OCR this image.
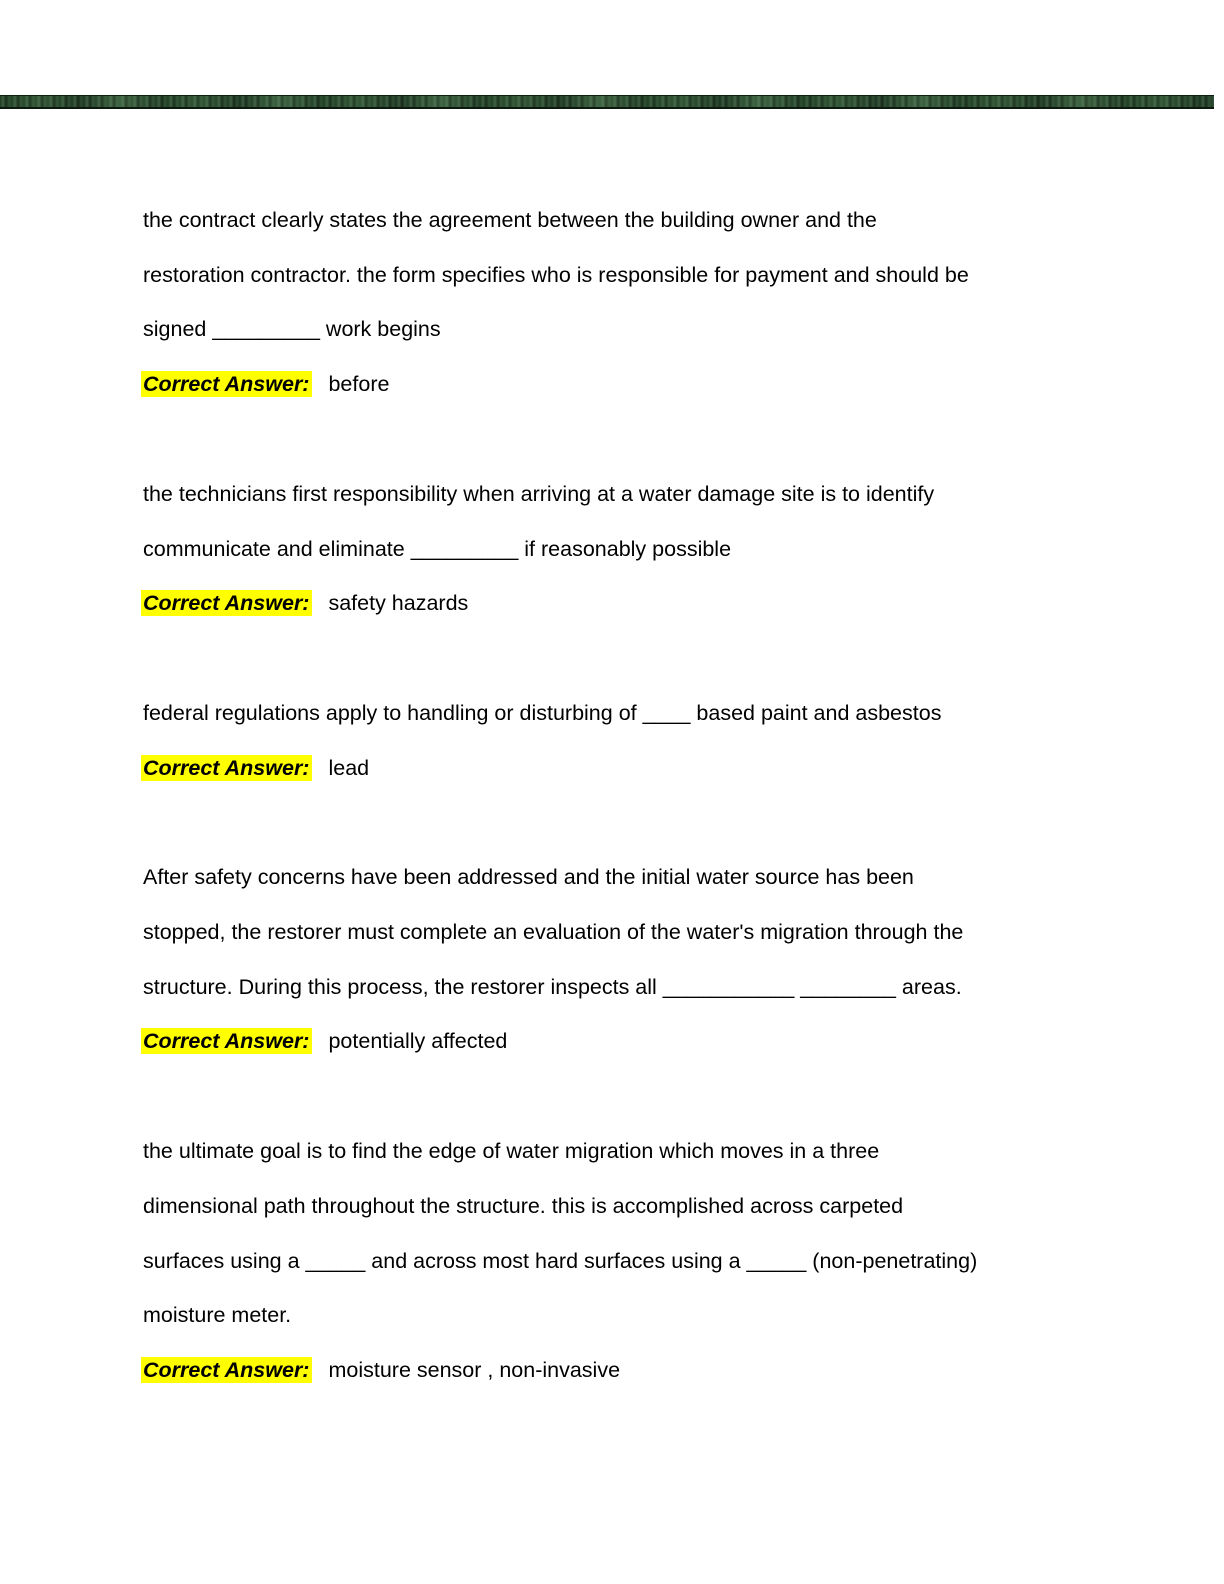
the contract clearly states the agreement between the building owner and the

restoration contractor. the form specifies who is responsible for payment and should be

signed _________ work begins

Correct Answer: before

the technicians first responsibility when arriving at a water damage site is to identify

communicate and eliminate _________ if reasonably possible

Correct Answer: safety hazards

federal regulations apply to handling or disturbing of ____ based paint and asbestos

Correct Answer: lead

After safety concerns have been addressed and the initial water source has been

stopped, the restorer must complete an evaluation of the water's migration through the

structure. During this process, the restorer inspects all ___________ ________ areas.

Correct Answer: potentially affected

the ultimate goal is to find the edge of water migration which moves in a three

dimensional path throughout the structure. this is accomplished across carpeted

surfaces using a _____ and across most hard surfaces using a _____ (non-penetrating)

moisture meter.

Correct Answer: moisture sensor , non-invasive
